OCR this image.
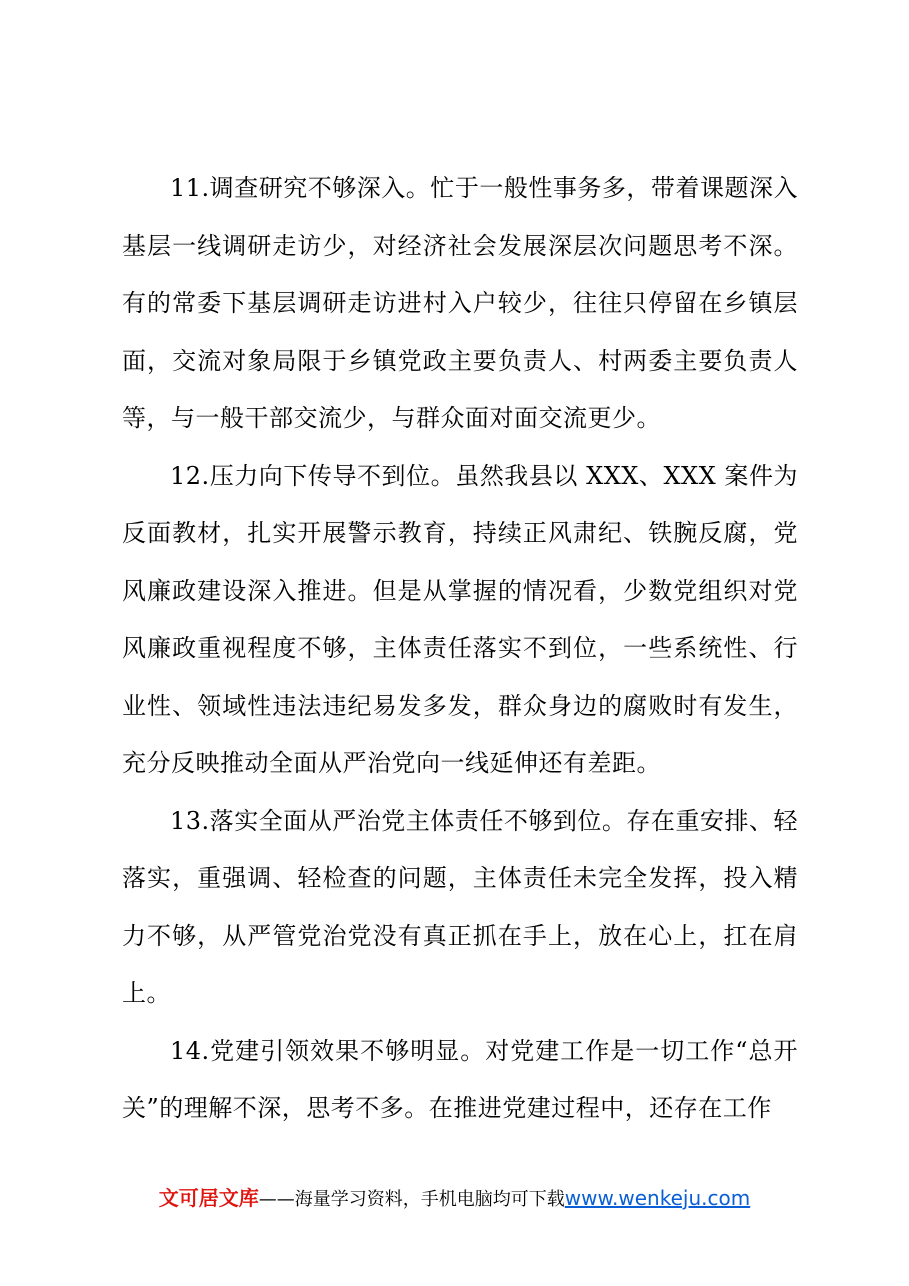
11.调查研究不够深入。忙于一般性事务多，带着课题深入基层一线调研走访少，对经济社会发展深层次问题思考不深。有的常委下基层调研走访进村入户较少，往往只停留在乡镇层面，交流对象局限于乡镇党政主要负责人、村两委主要负责人等，与一般干部交流少，与群众面对面交流更少。

12.压力向下传导不到位。虽然我县以 XXX、XXX 案件为反面教材，扎实开展警示教育，持续正风肃纪、铁腕反腐，党风廉政建设深入推进。但是从掌握的情况看，少数党组织对党风廉政重视程度不够，主体责任落实不到位，一些系统性、行业性、领域性违法违纪易发多发，群众身边的腐败时有发生，充分反映推动全面从严治党向一线延伸还有差距。

13.落实全面从严治党主体责任不够到位。存在重安排、轻落实，重强调、轻检查的问题，主体责任未完全发挥，投入精力不够，从严管党治党没有真正抓在手上，放在心上，扛在肩上。

14.党建引领效果不够明显。对党建工作是一切工作“总开关”的理解不深，思考不多。在推进党建过程中，还存在工作

文可居文库——海量学习资料，手机电脑均可下载www.wenkeju.com
